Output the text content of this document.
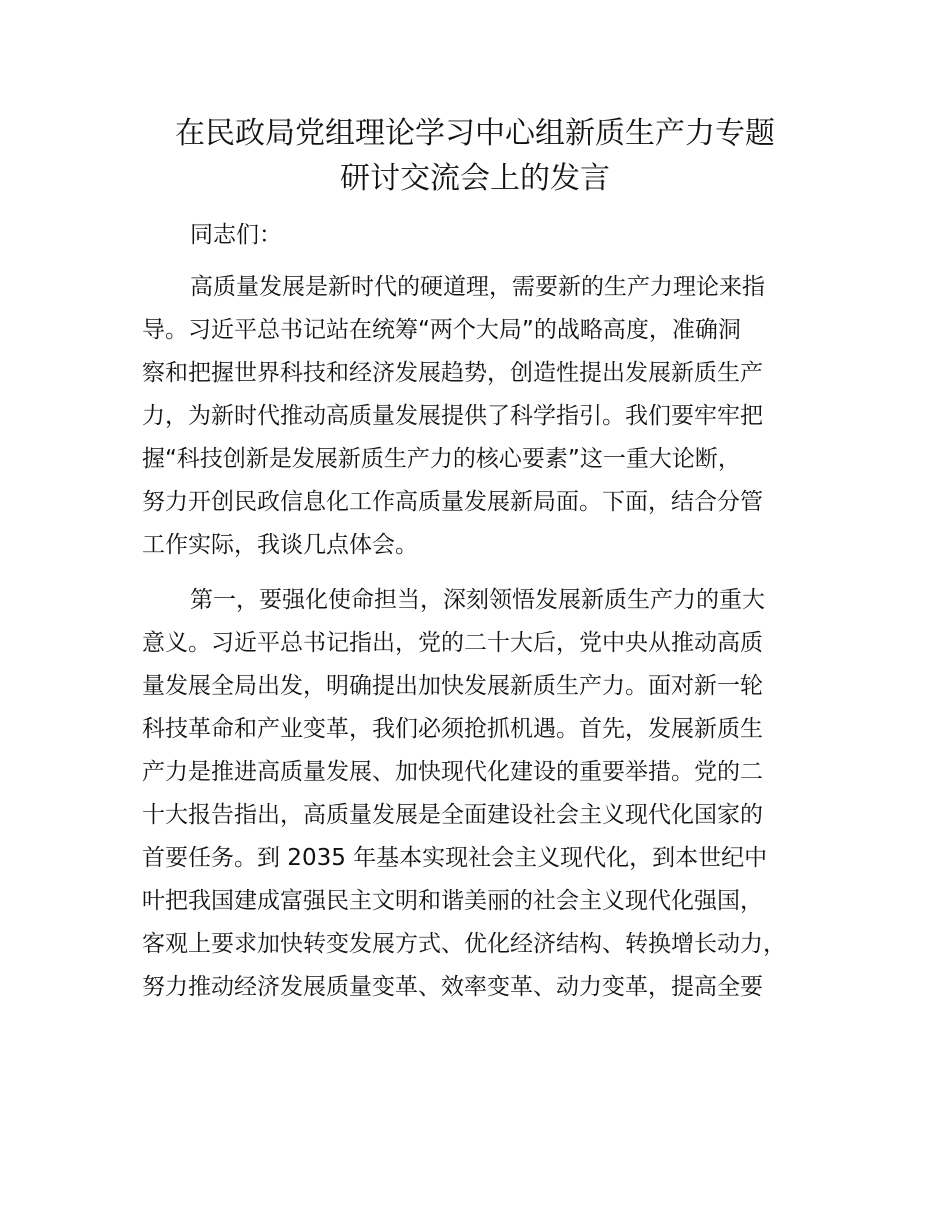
在民政局党组理论学习中心组新质生产力专题
研讨交流会上的发言
同志们：
高质量发展是新时代的硬道理，需要新的生产力理论来指
导。习近平总书记站在统筹“两个大局”的战略高度，准确洞
察和把握世界科技和经济发展趋势，创造性提出发展新质生产
力，为新时代推动高质量发展提供了科学指引。我们要牢牢把
握“科技创新是发展新质生产力的核心要素”这一重大论断，
努力开创民政信息化工作高质量发展新局面。下面，结合分管
工作实际，我谈几点体会。
第一，要强化使命担当，深刻领悟发展新质生产力的重大
意义。习近平总书记指出，党的二十大后，党中央从推动高质
量发展全局出发，明确提出加快发展新质生产力。面对新一轮
科技革命和产业变革，我们必须抢抓机遇。首先，发展新质生
产力是推进高质量发展、加快现代化建设的重要举措。党的二
十大报告指出，高质量发展是全面建设社会主义现代化国家的
首要任务。到 2035 年基本实现社会主义现代化，到本世纪中
叶把我国建成富强民主文明和谐美丽的社会主义现代化强国，
客观上要求加快转变发展方式、优化经济结构、转换增长动力，
努力推动经济发展质量变革、效率变革、动力变革，提高全要
